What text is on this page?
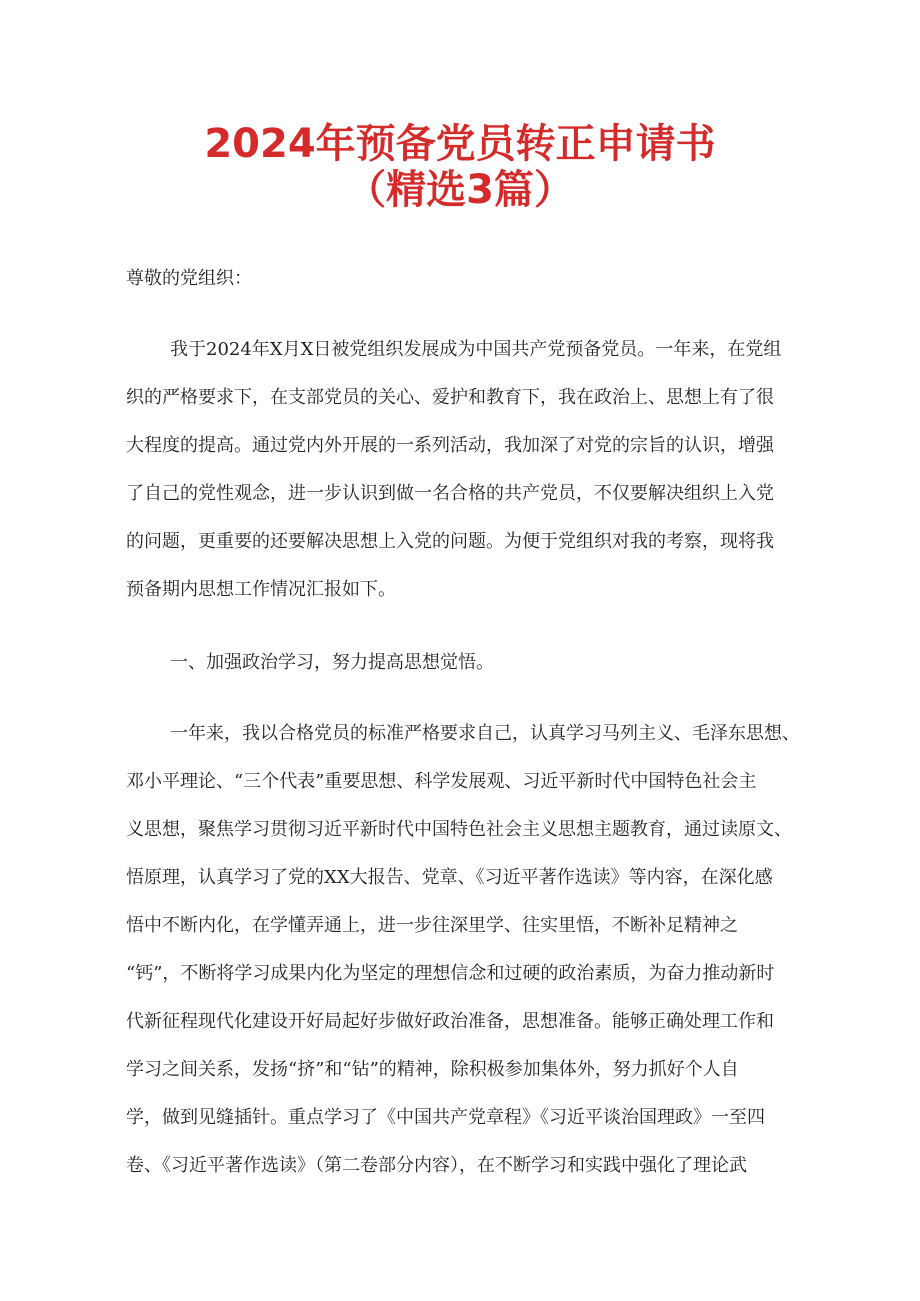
2024年预备党员转正申请书
（精选3篇）

尊敬的党组织：

我于2024年X月X日被党组织发展成为中国共产党预备党员。一年来，在党组
织的严格要求下，在支部党员的关心、爱护和教育下，我在政治上、思想上有了很
大程度的提高。通过党内外开展的一系列活动，我加深了对党的宗旨的认识，增强
了自己的党性观念，进一步认识到做一名合格的共产党员，不仅要解决组织上入党
的问题，更重要的还要解决思想上入党的问题。为便于党组织对我的考察，现将我
预备期内思想工作情况汇报如下。

一、加强政治学习，努力提高思想觉悟。

一年来，我以合格党员的标准严格要求自己，认真学习马列主义、毛泽东思想、
邓小平理论、“三个代表”重要思想、科学发展观、习近平新时代中国特色社会主
义思想，聚焦学习贯彻习近平新时代中国特色社会主义思想主题教育，通过读原文、
悟原理，认真学习了党的XX大报告、党章、《习近平著作选读》等内容，在深化感
悟中不断内化，在学懂弄通上，进一步往深里学、往实里悟，不断补足精神之
“钙”，不断将学习成果内化为坚定的理想信念和过硬的政治素质，为奋力推动新时
代新征程现代化建设开好局起好步做好政治准备，思想准备。能够正确处理工作和
学习之间关系，发扬“挤”和“钻”的精神，除积极参加集体外，努力抓好个人自
学，做到见缝插针。重点学习了《中国共产党章程》《习近平谈治国理政》一至四
卷、《习近平著作选读》（第二卷部分内容），在不断学习和实践中强化了理论武
